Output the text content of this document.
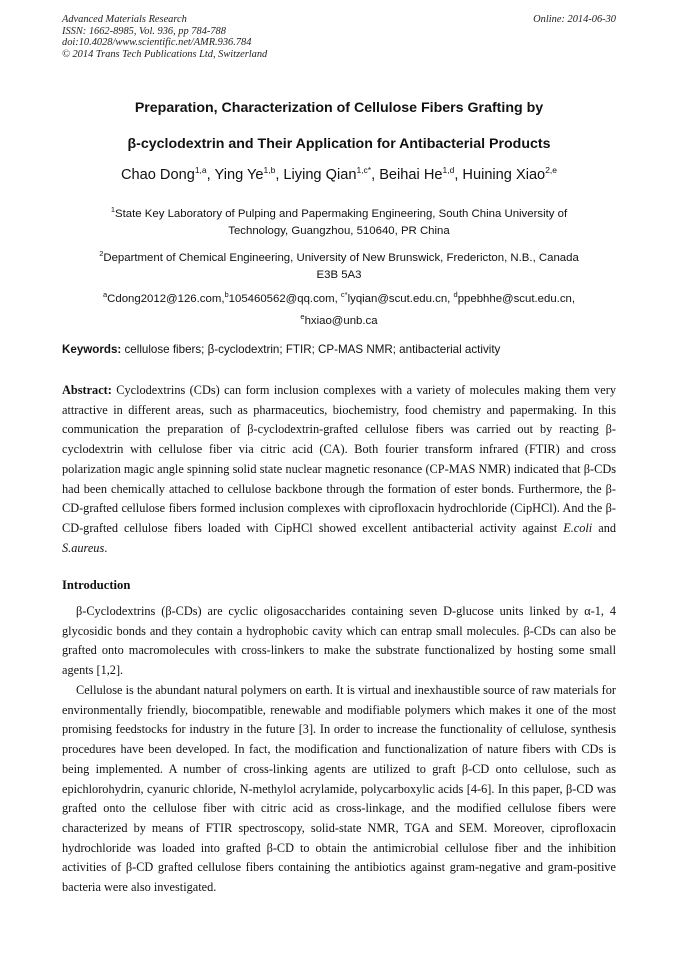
Advanced Materials Research
ISSN: 1662-8985, Vol. 936, pp 784-788
doi:10.4028/www.scientific.net/AMR.936.784
© 2014 Trans Tech Publications Ltd, Switzerland
Online: 2014-06-30
Preparation, Characterization of Cellulose Fibers Grafting by
β-cyclodextrin and Their Application for Antibacterial Products
Chao Dong$^{1,a}$, Ying Ye$^{1,b}$, Liying Qian$^{1,c*}$, Beihai He$^{1,d}$, Huining Xiao$^{2,e}$
$^1$State Key Laboratory of Pulping and Papermaking Engineering, South China University of
Technology, Guangzhou, 510640, PR China
$^2$Department of Chemical Engineering, University of New Brunswick, Fredericton, N.B., Canada
E3B 5A3
$^a$Cdong2012@126.com,$^b$105460562@qq.com, $^{c*}$lyqian@scut.edu.cn, $^d$ppebhhe@scut.edu.cn,
$^e$hxiao@unb.ca
Keywords: cellulose fibers; β-cyclodextrin; FTIR; CP-MAS NMR; antibacterial activity
Abstract: Cyclodextrins (CDs) can form inclusion complexes with a variety of molecules making them very attractive in different areas, such as pharmaceutics, biochemistry, food chemistry and papermaking. In this communication the preparation of β-cyclodextrin-grafted cellulose fibers was carried out by reacting β-cyclodextrin with cellulose fiber via citric acid (CA). Both fourier transform infrared (FTIR) and cross polarization magic angle spinning solid state nuclear magnetic resonance (CP-MAS NMR) indicated that β-CDs had been chemically attached to cellulose backbone through the formation of ester bonds. Furthermore, the β-CD-grafted cellulose fibers formed inclusion complexes with ciprofloxacin hydrochloride (CipHCl). And the β-CD-grafted cellulose fibers loaded with CipHCl showed excellent antibacterial activity against E.coli and S.aureus.
Introduction
β-Cyclodextrins (β-CDs) are cyclic oligosaccharides containing seven D-glucose units linked by α-1, 4 glycosidic bonds and they contain a hydrophobic cavity which can entrap small molecules. β-CDs can also be grafted onto macromolecules with cross-linkers to make the substrate functionalized by hosting some small agents [1,2].
Cellulose is the abundant natural polymers on earth. It is virtual and inexhaustible source of raw materials for environmentally friendly, biocompatible, renewable and modifiable polymers which makes it one of the most promising feedstocks for industry in the future [3]. In order to increase the functionality of cellulose, synthesis procedures have been developed. In fact, the modification and functionalization of nature fibers with CDs is being implemented. A number of cross-linking agents are utilized to graft β-CD onto cellulose, such as epichlorohydrin, cyanuric chloride, N-methylol acrylamide, polycarboxylic acids [4-6]. In this paper, β-CD was grafted onto the cellulose fiber with citric acid as cross-linkage, and the modified cellulose fibers were characterized by means of FTIR spectroscopy, solid-state NMR, TGA and SEM. Moreover, ciprofloxacin hydrochloride was loaded into grafted β-CD to obtain the antimicrobial cellulose fiber and the inhibition activities of β-CD grafted cellulose fibers containing the antibiotics against gram-negative and gram-positive bacteria were also investigated.
